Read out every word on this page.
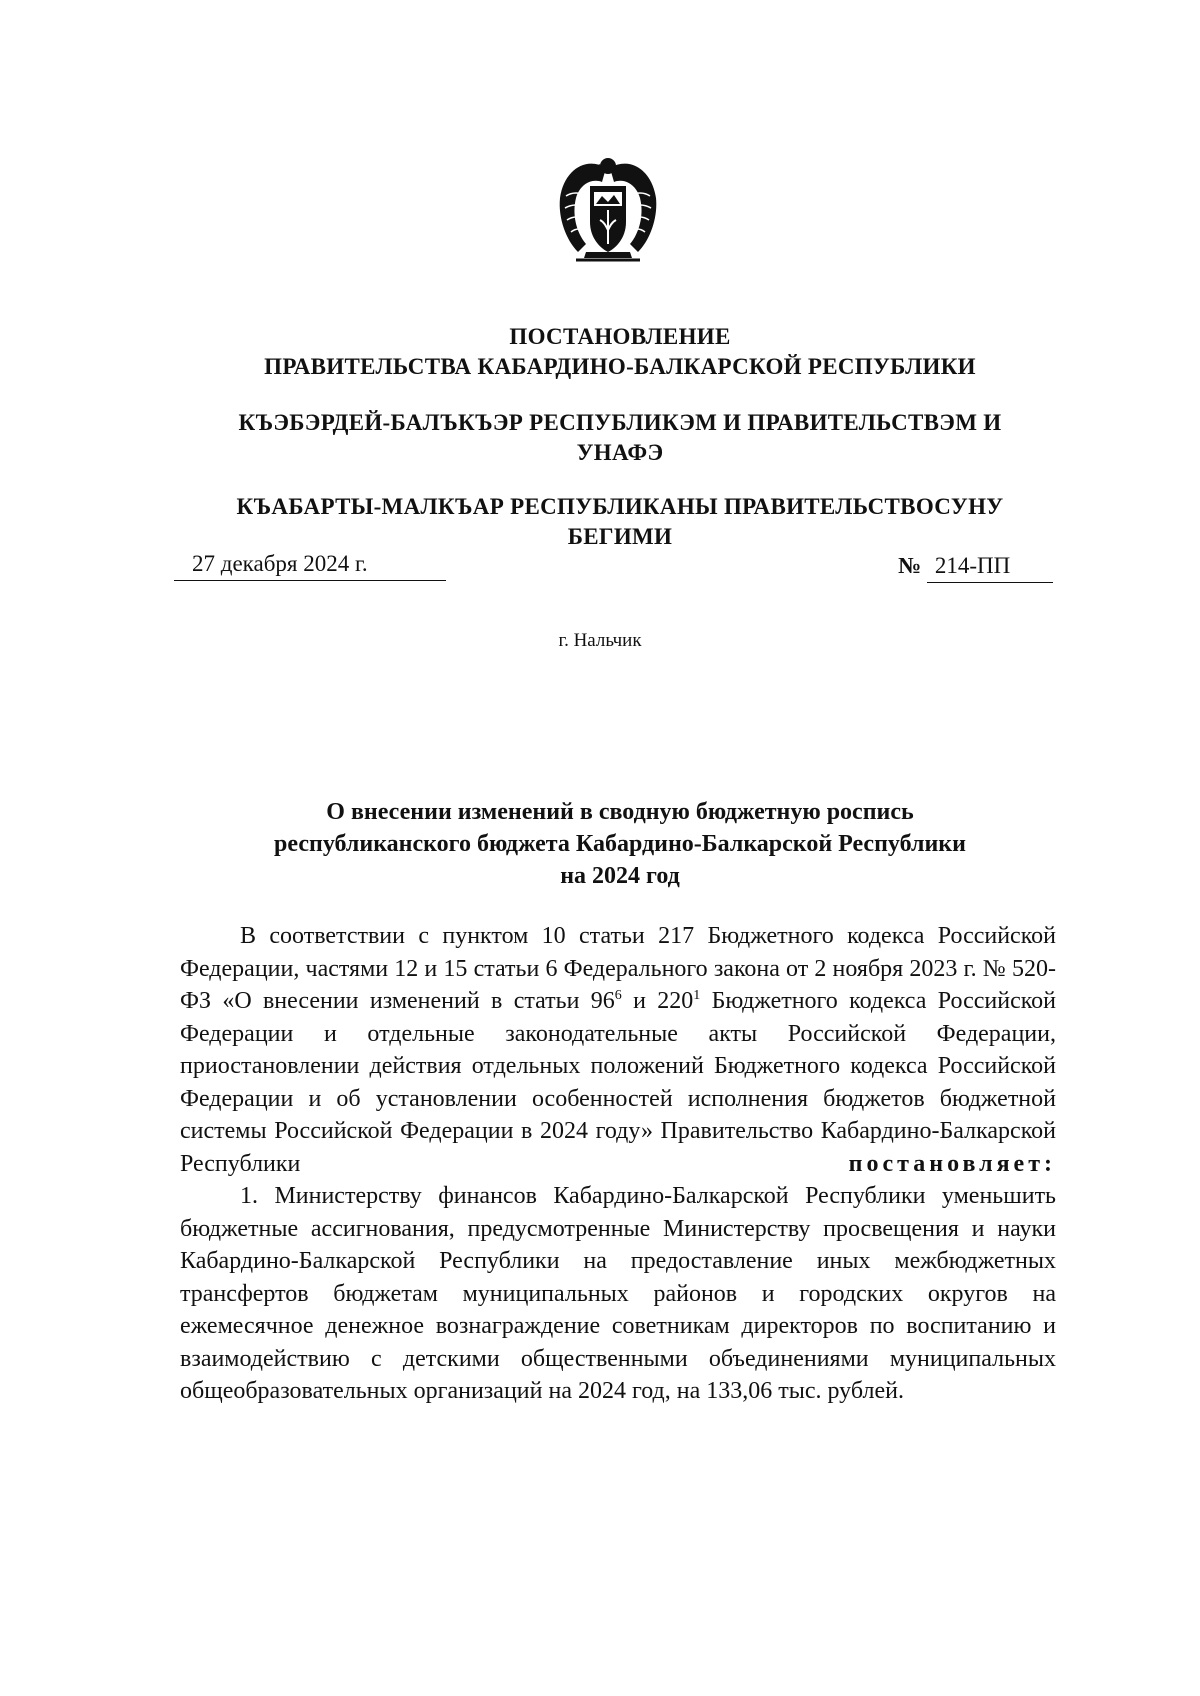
ПОСТАНОВЛЕНИЕ
ПРАВИТЕЛЬСТВА КАБАРДИНО-БАЛКАРСКОЙ РЕСПУБЛИКИ
КЪЭБЭРДЕЙ-БАЛЪКЪЭР РЕСПУБЛИКЭМ И ПРАВИТЕЛЬСТВЭМ И
УНАФЭ
КЪАБАРТЫ-МАЛКЪАР РЕСПУБЛИКАНЫ ПРАВИТЕЛЬСТВОСУНУ
БЕГИМИ
27 декабря 2024 г.	№ 214-ПП
г. Нальчик
О внесении изменений в сводную бюджетную роспись
республиканского бюджета Кабардино-Балкарской Республики
на 2024 год

В соответствии с пунктом 10 статьи 217 Бюджетного кодекса Российской Федерации, частями 12 и 15 статьи 6 Федерального закона от 2 ноября 2023 г. № 520-ФЗ «О внесении изменений в статьи $96^6$ и $220^1$ Бюджетного кодекса Российской Федерации и отдельные законодательные акты Российской Федерации, приостановлении действия отдельных положений Бюджетного кодекса Российской Федерации и об установлении особенностей исполнения бюджетов бюджетной системы Российской Федерации в 2024 году» Правительство Кабардино-Балкарской Республики постановляет:

1. Министерству финансов Кабардино-Балкарской Республики уменьшить бюджетные ассигнования, предусмотренные Министерству просвещения и науки Кабардино-Балкарской Республики на предоставление иных межбюджетных трансфертов бюджетам муниципальных районов и городских округов на ежемесячное денежное вознаграждение советникам директоров по воспитанию и взаимодействию с детскими общественными объединениями муниципальных общеобразовательных организаций на 2024 год, на 133,06 тыс. рублей.
